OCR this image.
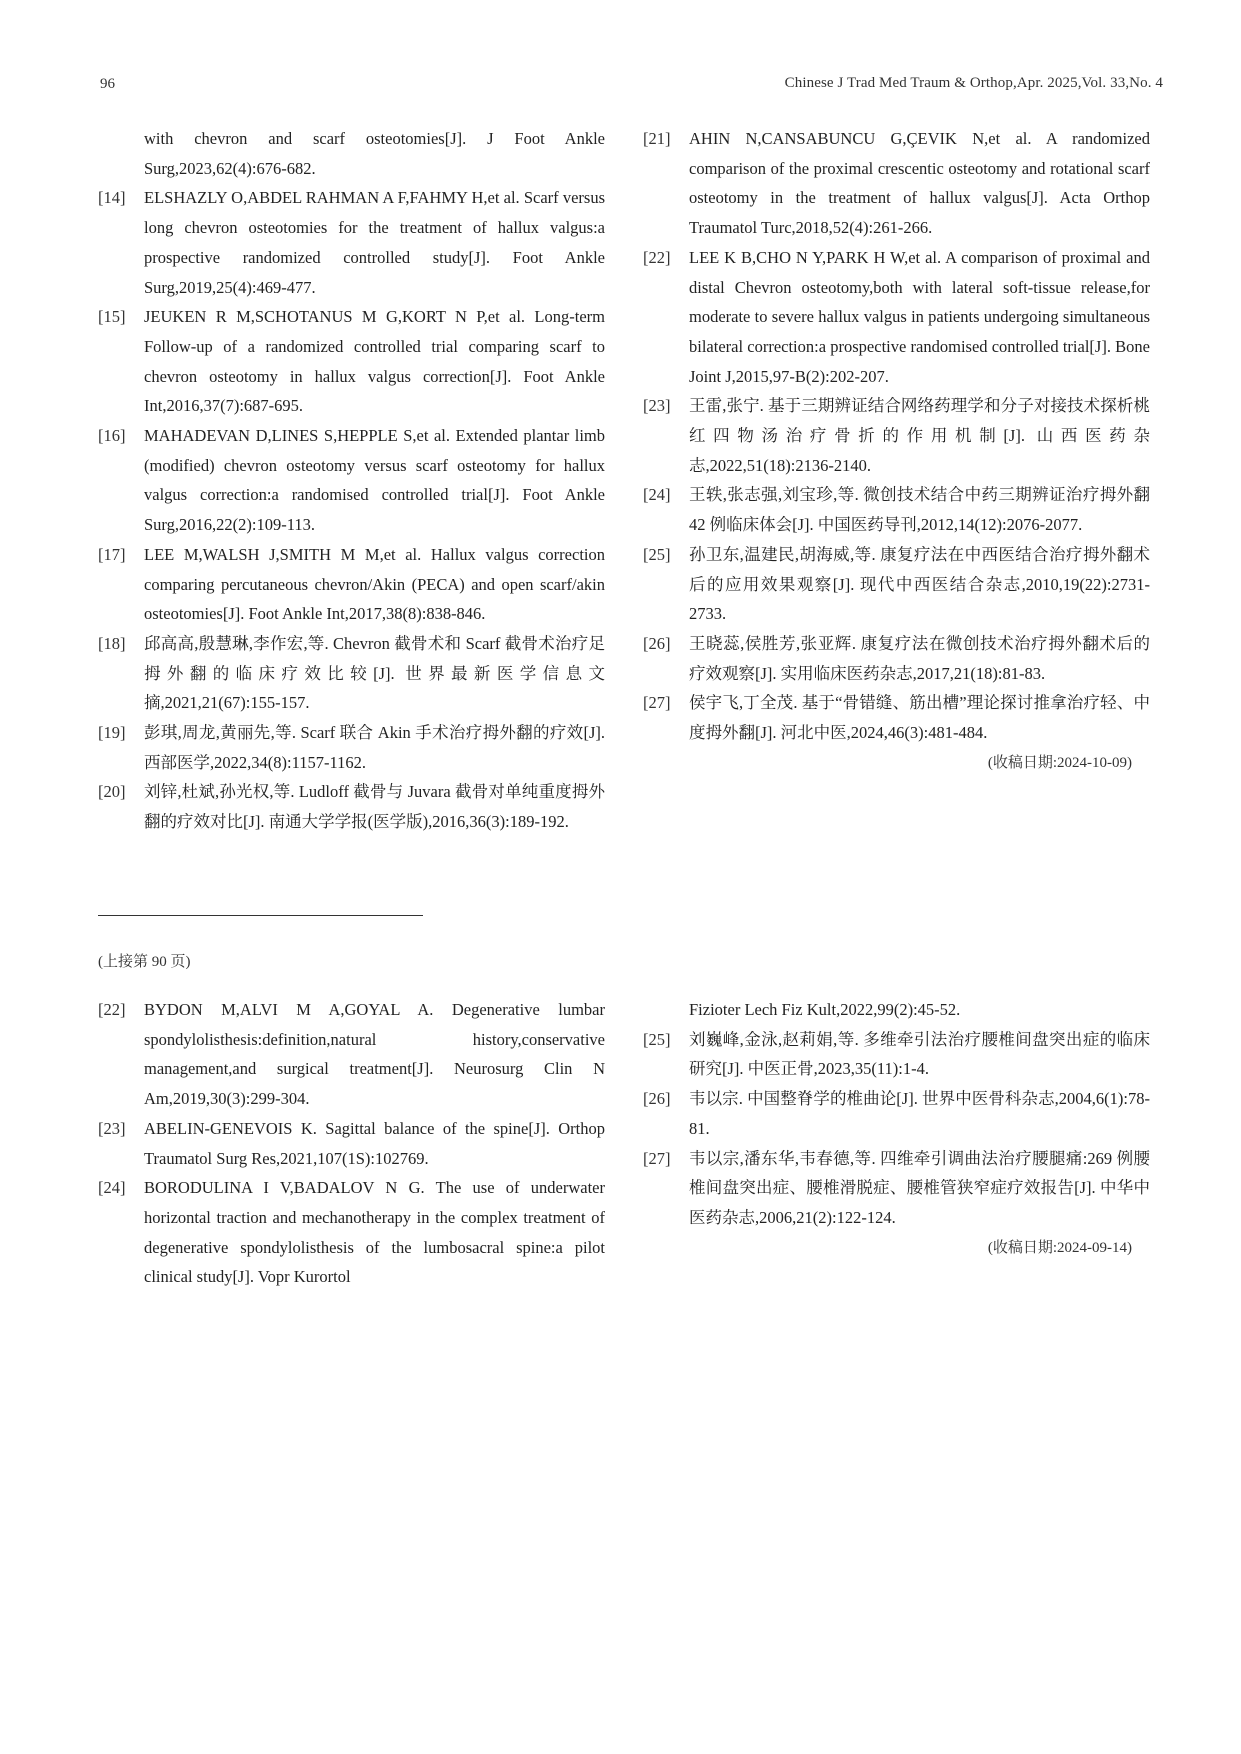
96	Chinese J Trad Med Traum & Orthop,Apr. 2025,Vol. 33,No. 4

with chevron and scarf osteotomies[J]. J Foot Ankle Surg,2023,62(4):676-682.

[14]	ELSHAZLY O,ABDEL RAHMAN A F,FAHMY H,et al. Scarf versus long chevron osteotomies for the treatment of hallux valgus:a prospective randomized controlled study[J]. Foot Ankle Surg,2019,25(4):469-477.
[15]	JEUKEN R M,SCHOTANUS M G,KORT N P,et al. Long-term Follow-up of a randomized controlled trial comparing scarf to chevron osteotomy in hallux valgus correction[J]. Foot Ankle Int,2016,37(7):687-695.
[16]	MAHADEVAN D,LINES S,HEPPLE S,et al. Extended plantar limb (modified) chevron osteotomy versus scarf osteotomy for hallux valgus correction:a randomised controlled trial[J]. Foot Ankle Surg,2016,22(2):109-113.
[17]	LEE M,WALSH J,SMITH M M,et al. Hallux valgus correction comparing percutaneous chevron/Akin (PECA) and open scarf/akin osteotomies[J]. Foot Ankle Int,2017,38(8):838-846.
[18]	邱高高,殷慧琳,李作宏,等. Chevron 截骨术和 Scarf 截骨术治疗足拇外翻的临床疗效比较[J]. 世界最新医学信息文摘,2021,21(67):155-157.
[19]	彭琪,周龙,黄丽先,等. Scarf 联合 Akin 手术治疗拇外翻的疗效[J]. 西部医学,2022,34(8):1157-1162.
[20]	刘锌,杜斌,孙光权,等. Ludloff 截骨与 Juvara 截骨对单纯重度拇外翻的疗效对比[J]. 南通大学学报(医学版),2016,36(3):189-192.
[21]	AHIN N,CANSABUNCU G,ÇEVIK N,et al. A randomized comparison of the proximal crescentic osteotomy and rotational scarf osteotomy in the treatment of hallux valgus[J]. Acta Orthop Traumatol Turc,2018,52(4):261-266.
[22]	LEE K B,CHO N Y,PARK H W,et al. A comparison of proximal and distal Chevron osteotomy,both with lateral soft-tissue release,for moderate to severe hallux valgus in patients undergoing simultaneous bilateral correction:a prospective randomised controlled trial[J]. Bone Joint J,2015,97-B(2):202-207.
[23]	王雷,张宁. 基于三期辨证结合网络药理学和分子对接技术探析桃红四物汤治疗骨折的作用机制[J]. 山西医药杂志,2022,51(18):2136-2140.
[24]	王轶,张志强,刘宝珍,等. 微创技术结合中药三期辨证治疗拇外翻 42 例临床体会[J]. 中国医药导刊,2012,14(12):2076-2077.
[25]	孙卫东,温建民,胡海威,等. 康复疗法在中西医结合治疗拇外翻术后的应用效果观察[J]. 现代中西医结合杂志,2010,19(22):2731-2733.
[26]	王晓蕊,侯胜芳,张亚辉. 康复疗法在微创技术治疗拇外翻术后的疗效观察[J]. 实用临床医药杂志,2017,21(18):81-83.
[27]	侯宇飞,丁全茂. 基于“骨错缝、筋出槽”理论探讨推拿治疗轻、中度拇外翻[J]. 河北中医,2024,46(3):481-484.
(收稿日期:2024-10-09)
(上接第 90 页)
[22]	BYDON M,ALVI M A,GOYAL A. Degenerative lumbar spondylolisthesis:definition,natural history,conservative management,and surgical treatment[J]. Neurosurg Clin N Am,2019,30(3):299-304.
[23]	ABELIN-GENEVOIS K. Sagittal balance of the spine[J]. Orthop Traumatol Surg Res,2021,107(1S):102769.
[24]	BORODULINA I V,BADALOV N G. The use of underwater horizontal traction and mechanotherapy in the complex treatment of degenerative spondylolisthesis of the lumbosacral spine:a pilot clinical study[J]. Vopr Kurortol

Fizioter Lech Fiz Kult,2022,99(2):45-52.

[25]	刘巍峰,金泳,赵莉娟,等. 多维牵引法治疗腰椎间盘突出症的临床研究[J]. 中医正骨,2023,35(11):1-4.
[26]	韦以宗. 中国整脊学的椎曲论[J]. 世界中医骨科杂志,2004,6(1):78-81.
[27]	韦以宗,潘东华,韦春德,等. 四维牵引调曲法治疗腰腿痛:269 例腰椎间盘突出症、腰椎滑脱症、腰椎管狭窄症疗效报告[J]. 中华中医药杂志,2006,21(2):122-124.
(收稿日期:2024-09-14)
